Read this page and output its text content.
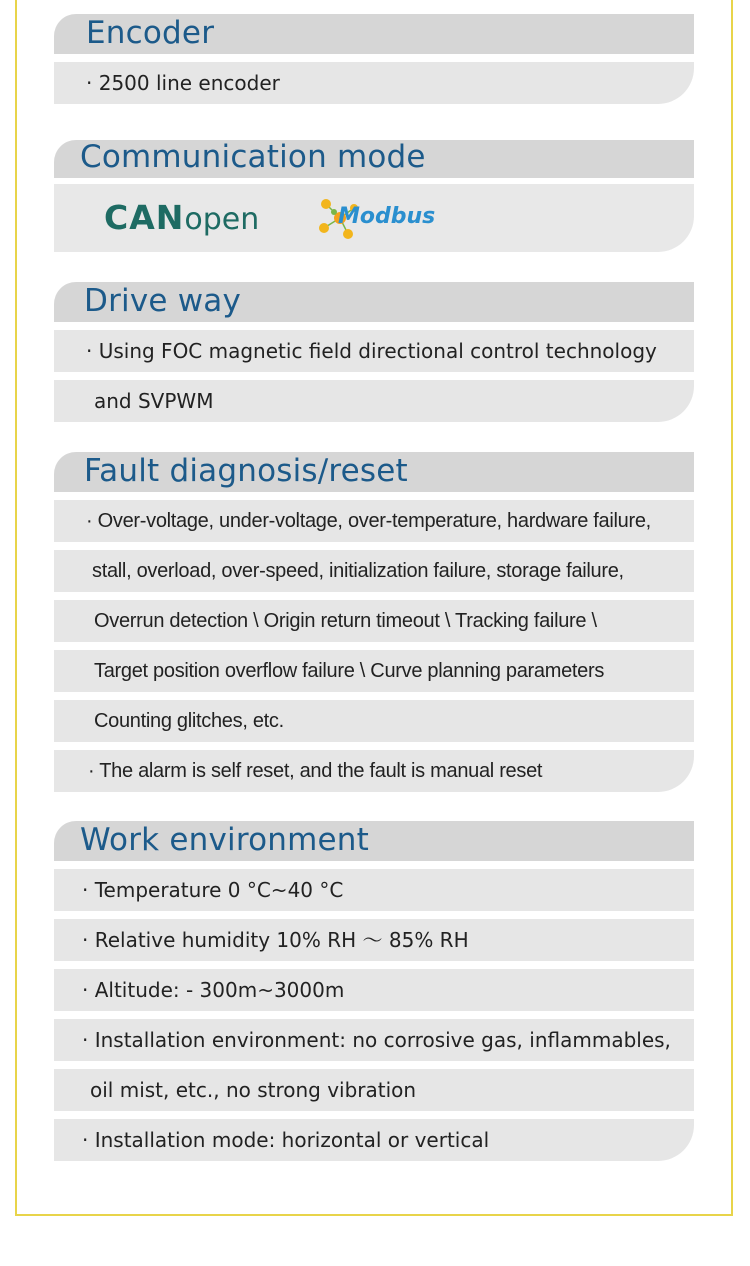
Encoder
· 2500 line encoder
Communication mode
CANopen	Modbus
Drive way
· Using FOC magnetic field directional control technology
and SVPWM
Fault diagnosis/reset
· Over-voltage, under-voltage, over-temperature, hardware failure,
stall, overload, over-speed, initialization failure, storage failure,
Overrun detection \ Origin return timeout \ Tracking failure \
Target position overflow failure \ Curve planning parameters
Counting glitches, etc.
· The alarm is self reset, and the fault is manual reset
Work environment
· Temperature 0 °C~40 °C
· Relative humidity 10% RH ～ 85% RH
· Altitude: - 300m~3000m
· Installation environment: no corrosive gas, inflammables,
oil mist, etc., no strong vibration
· Installation mode: horizontal or vertical
